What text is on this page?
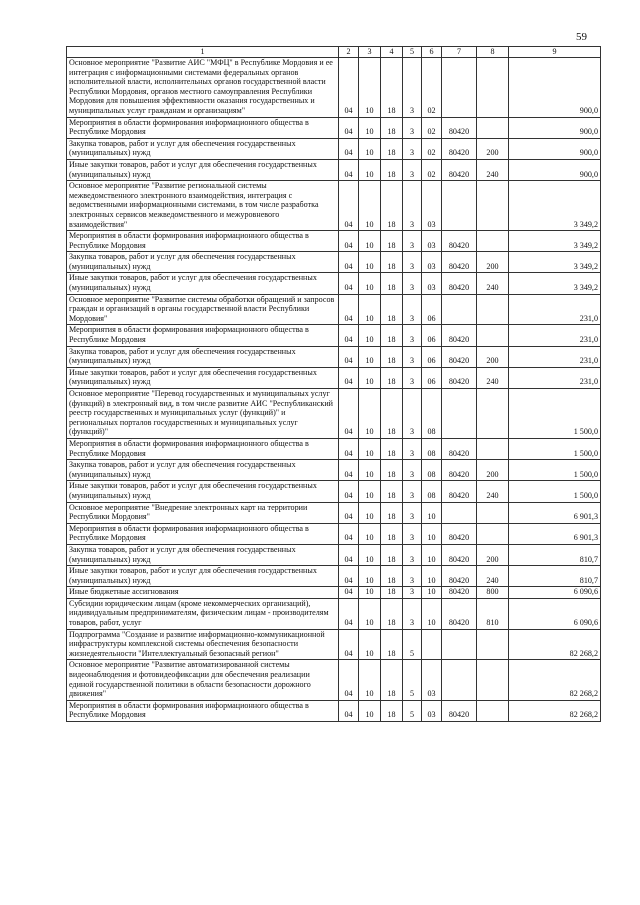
59
1	2	3	4	5	6	7	8	9
Основное мероприятие "Развитие АИС "МФЦ" в Республике Мордовия и ее интеграция с информационными системами федеральных органов исполнительной власти, исполнительных органов государственной власти Республики Мордовия, органов местного самоуправления Республики Мордовия для повышения эффективности оказания государственных и муниципальных услуг гражданам и организациям"	04	10	18	3	02			900,0
Мероприятия в области формирования информационного общества в Республике Мордовия	04	10	18	3	02	80420		900,0
Закупка товаров, работ и услуг для обеспечения государственных (муниципальных) нужд	04	10	18	3	02	80420	200	900,0
Иные закупки товаров, работ и услуг для обеспечения государственных (муниципальных) нужд	04	10	18	3	02	80420	240	900,0
Основное мероприятие "Развитие региональной системы межведомственного электронного взаимодействия, интеграция с ведомственными информационными системами, в том числе разработка электронных сервисов межведомственного и межуровневого взаимодействия"	04	10	18	3	03			3 349,2
Мероприятия в области формирования информационного общества в Республике Мордовия	04	10	18	3	03	80420		3 349,2
Закупка товаров, работ и услуг для обеспечения государственных (муниципальных) нужд	04	10	18	3	03	80420	200	3 349,2
Иные закупки товаров, работ и услуг для обеспечения государственных (муниципальных) нужд	04	10	18	3	03	80420	240	3 349,2
Основное мероприятие "Развитие системы обработки обращений и запросов граждан и организаций в органы государственной власти Республики Мордовия"	04	10	18	3	06			231,0
Мероприятия в области формирования информационного общества в Республике Мордовия	04	10	18	3	06	80420		231,0
Закупка товаров, работ и услуг для обеспечения государственных (муниципальных) нужд	04	10	18	3	06	80420	200	231,0
Иные закупки товаров, работ и услуг для обеспечения государственных (муниципальных) нужд	04	10	18	3	06	80420	240	231,0
Основное мероприятие "Перевод государственных и муниципальных услуг (функций) в электронный вид, в том числе развитие АИС "Республиканский реестр государственных и муниципальных услуг (функций)" и региональных порталов государственных и муниципальных услуг (функций)"	04	10	18	3	08			1 500,0
Мероприятия в области формирования информационного общества в Республике Мордовия	04	10	18	3	08	80420		1 500,0
Закупка товаров, работ и услуг для обеспечения государственных (муниципальных) нужд	04	10	18	3	08	80420	200	1 500,0
Иные закупки товаров, работ и услуг для обеспечения государственных (муниципальных) нужд	04	10	18	3	08	80420	240	1 500,0
Основное мероприятие "Внедрение электронных карт на территории Республики Мордовия"	04	10	18	3	10			6 901,3
Мероприятия в области формирования информационного общества в Республике Мордовия	04	10	18	3	10	80420		6 901,3
Закупка товаров, работ и услуг для обеспечения государственных (муниципальных) нужд	04	10	18	3	10	80420	200	810,7
Иные закупки товаров, работ и услуг для обеспечения государственных (муниципальных) нужд	04	10	18	3	10	80420	240	810,7
Иные бюджетные ассигнования	04	10	18	3	10	80420	800	6 090,6
Субсидии юридическим лицам (кроме некоммерческих организаций), индивидуальным предпринимателям, физическим лицам - производителям товаров, работ, услуг	04	10	18	3	10	80420	810	6 090,6
Подпрограмма "Создание и развитие информационно-коммуникационной инфраструктуры комплексной системы обеспечения безопасности жизнедеятельности "Интеллектуальный безопасный регион"	04	10	18	5				82 268,2
Основное мероприятие "Развитие автоматизированной системы видеонаблюдения и фотовидеофиксации для обеспечения реализации единой государственной политики в области безопасности дорожного движения"	04	10	18	5	03			82 268,2
Мероприятия в области формирования информационного общества в Республике Мордовия	04	10	18	5	03	80420		82 268,2
